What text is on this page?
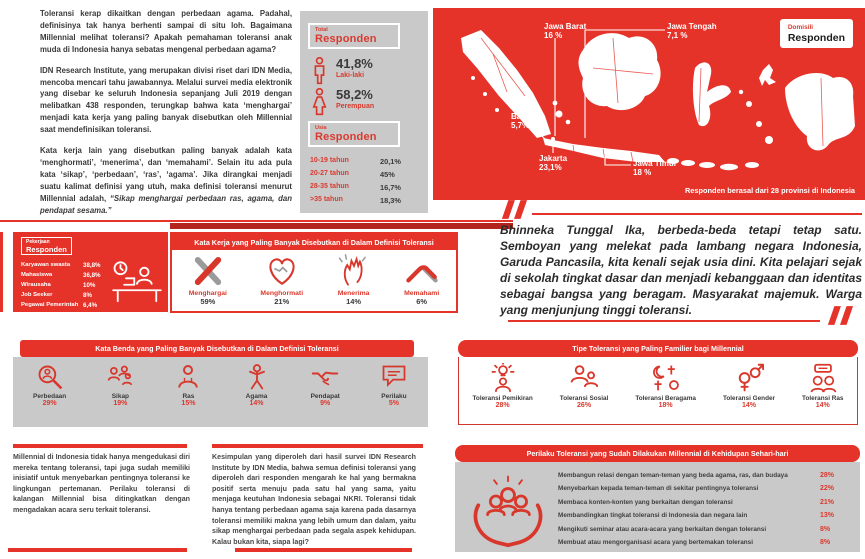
Toleransi kerap dikaitkan dengan perbedaan agama. Padahal, definisinya tak hanya berhenti sampai di situ loh. Bagaimana Millennial melihat toleransi? Apakah pemahaman toleransi anak muda di Indonesia hanya sebatas mengenal perbedaan agama?

IDN Research Institute, yang merupakan divisi riset dari IDN Media, mencoba mencari tahu jawabannya. Melalui survei media elektronik yang disebar ke seluruh Indonesia sepanjang Juli 2019 dengan melibatkan 438 responden, terungkap bahwa kata ‘menghargai’ menjadi kata kerja yang paling banyak disebutkan oleh Millennial saat mendefinisikan toleransi.

Kata kerja lain yang disebutkan paling banyak adalah kata ‘menghormati’, ‘menerima’, dan ‘memahami’. Selain itu ada pula kata ‘sikap’, ‘perbedaan’, ‘ras’, ‘agama’. Jika dirangkai menjadi suatu kalimat definisi yang utuh, maka definisi toleransi menurut Millennial adalah, “Sikap menghargai perbedaan ras, agama, dan pendapat sesama.”

Total
Responden
41,8%
Laki-laki
58,2%
Perempuan
Usia
Responden
10-19 tahun	20,1%
20-27 tahun	45%
28-35 tahun	16,7%
>35 tahun	18,3%
Jawa Barat
16 %
Jawa Tengah
7,1 %
Banten
5,7%
Jakarta
23,1%	Jawa Timur
18 %
Domisili
Responden
Responden berasal dari 28 provinsi di Indonesia
Pekerjaan
Responden
Karyawan swasta	38,8%
Mahasiswa	36,8%
Wirausaha	10%
Job Seeker	8%
Pegawai Pemerintah 6,4%
Kata Kerja yang Paling Banyak Disebutkan di Dalam Definisi Toleransi
Menghargai
59%
Menghormati
21%
Menerima
14%
Memahami
6%
Bhinneka Tunggal Ika, berbeda-beda tetapi tetap satu. Semboyan yang melekat pada lambang negara Indonesia, Garuda Pancasila, kita kenali sejak usia dini. Kita pelajari sejak di sekolah tingkat dasar dan menjadi kebanggaan dan identitas sebagai bangsa yang beragam. Masyarakat majemuk. Warga yang menjunjung tinggi toleransi.
Kata Benda yang Paling Banyak Disebutkan di Dalam Definisi Toleransi
Perbedaan
29%
Sikap
19%
Ras
15%
Agama
14%
Pendapat
9%
Perilaku
5%
Tipe Toleransi yang Paling Familier bagi Millennial
Toleransi Pemikiran
28%
Toleransi Sosial
26%
Toleransi Beragama
18%
Toleransi Gender
14%
Toleransi Ras
14%
Millennial di Indonesia tidak hanya mengedukasi diri mereka tentang toleransi, tapi juga sudah memiliki inisiatif untuk menyebarkan pentingnya toleransi ke lingkungan pertemanan. Perilaku toleransi di kalangan Millennial bisa ditingkatkan dengan mengadakan acara seru terkait toleransi.
Kesimpulan yang diperoleh dari hasil survei IDN Research Institute by IDN Media, bahwa semua definisi toleransi yang diperoleh dari responden mengarah ke hal yang bermakna positif serta menuju pada satu hal yang sama, yaitu menjaga keutuhan Indonesia sebagai NKRI. Toleransi tidak hanya tentang perbedaan agama saja karena pada dasarnya toleransi memiliki makna yang lebih umum dan dalam, yaitu sikap menghargai perbedaan pada segala aspek kehidupan. Kalau bukan kita, siapa lagi?
Perilaku Toleransi yang Sudah Dilakukan Millennial di Kehidupan Sehari-hari
Membangun relasi dengan teman-teman yang beda agama, ras, dan budaya	28%
Menyebarkan kepada teman-teman di sekitar pentingnya toleransi	22%
Membaca konten-konten yang berkaitan dengan toleransi	21%
Membandingkan tingkat toleransi di Indonesia dan negara lain	13%
Mengikuti seminar atau acara-acara yang berkaitan dengan toleransi	8%
Membuat atau mengorganisasi acara yang bertemakan toleransi	8%
